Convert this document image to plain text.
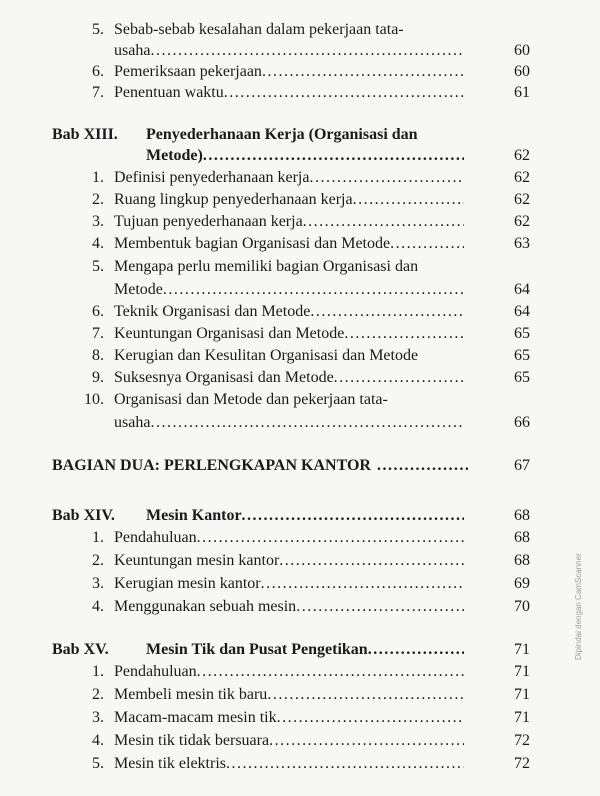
5. Sebab-sebab kesalahan dalam pekerjaan tata-
usaha .....	60
6. Pemeriksaan pekerjaan .....	60
7. Penentuan waktu .....	61
Bab XIII. Penyederhanaan Kerja (Organisasi dan
Metode) .....	62
1. Definisi penyederhanaan kerja .....	62
2. Ruang lingkup penyederhanaan kerja .....	62
3. Tujuan penyederhanaan kerja .....	62
4. Membentuk bagian Organisasi dan Metode .....	63
5. Mengapa perlu memiliki bagian Organisasi dan
Metode .....	64
6. Teknik Organisasi dan Metode .....	64
7. Keuntungan Organisasi dan Metode .....	65
8. Kerugian dan Kesulitan Organisasi dan Metode	65
9. Suksesnya Organisasi dan Metode .....	65
10. Organisasi dan Metode dan pekerjaan tata-
usaha .....	66
BAGIAN DUA: PERLENGKAPAN KANTOR .....	67
Bab XIV. Mesin Kantor .....	68
1. Pendahuluan .....	68
2. Keuntungan mesin kantor .....	68
3. Kerugian mesin kantor .....	69
4. Menggunakan sebuah mesin .....	70
Bab XV. Mesin Tik dan Pusat Pengetikan .....	71
1. Pendahuluan .....	71
2. Membeli mesin tik baru .....	71
3. Macam-macam mesin tik .....	71
4. Mesin tik tidak bersuara .....	72
5. Mesin tik elektris .....	72
Dipindai dengan CamScanner
